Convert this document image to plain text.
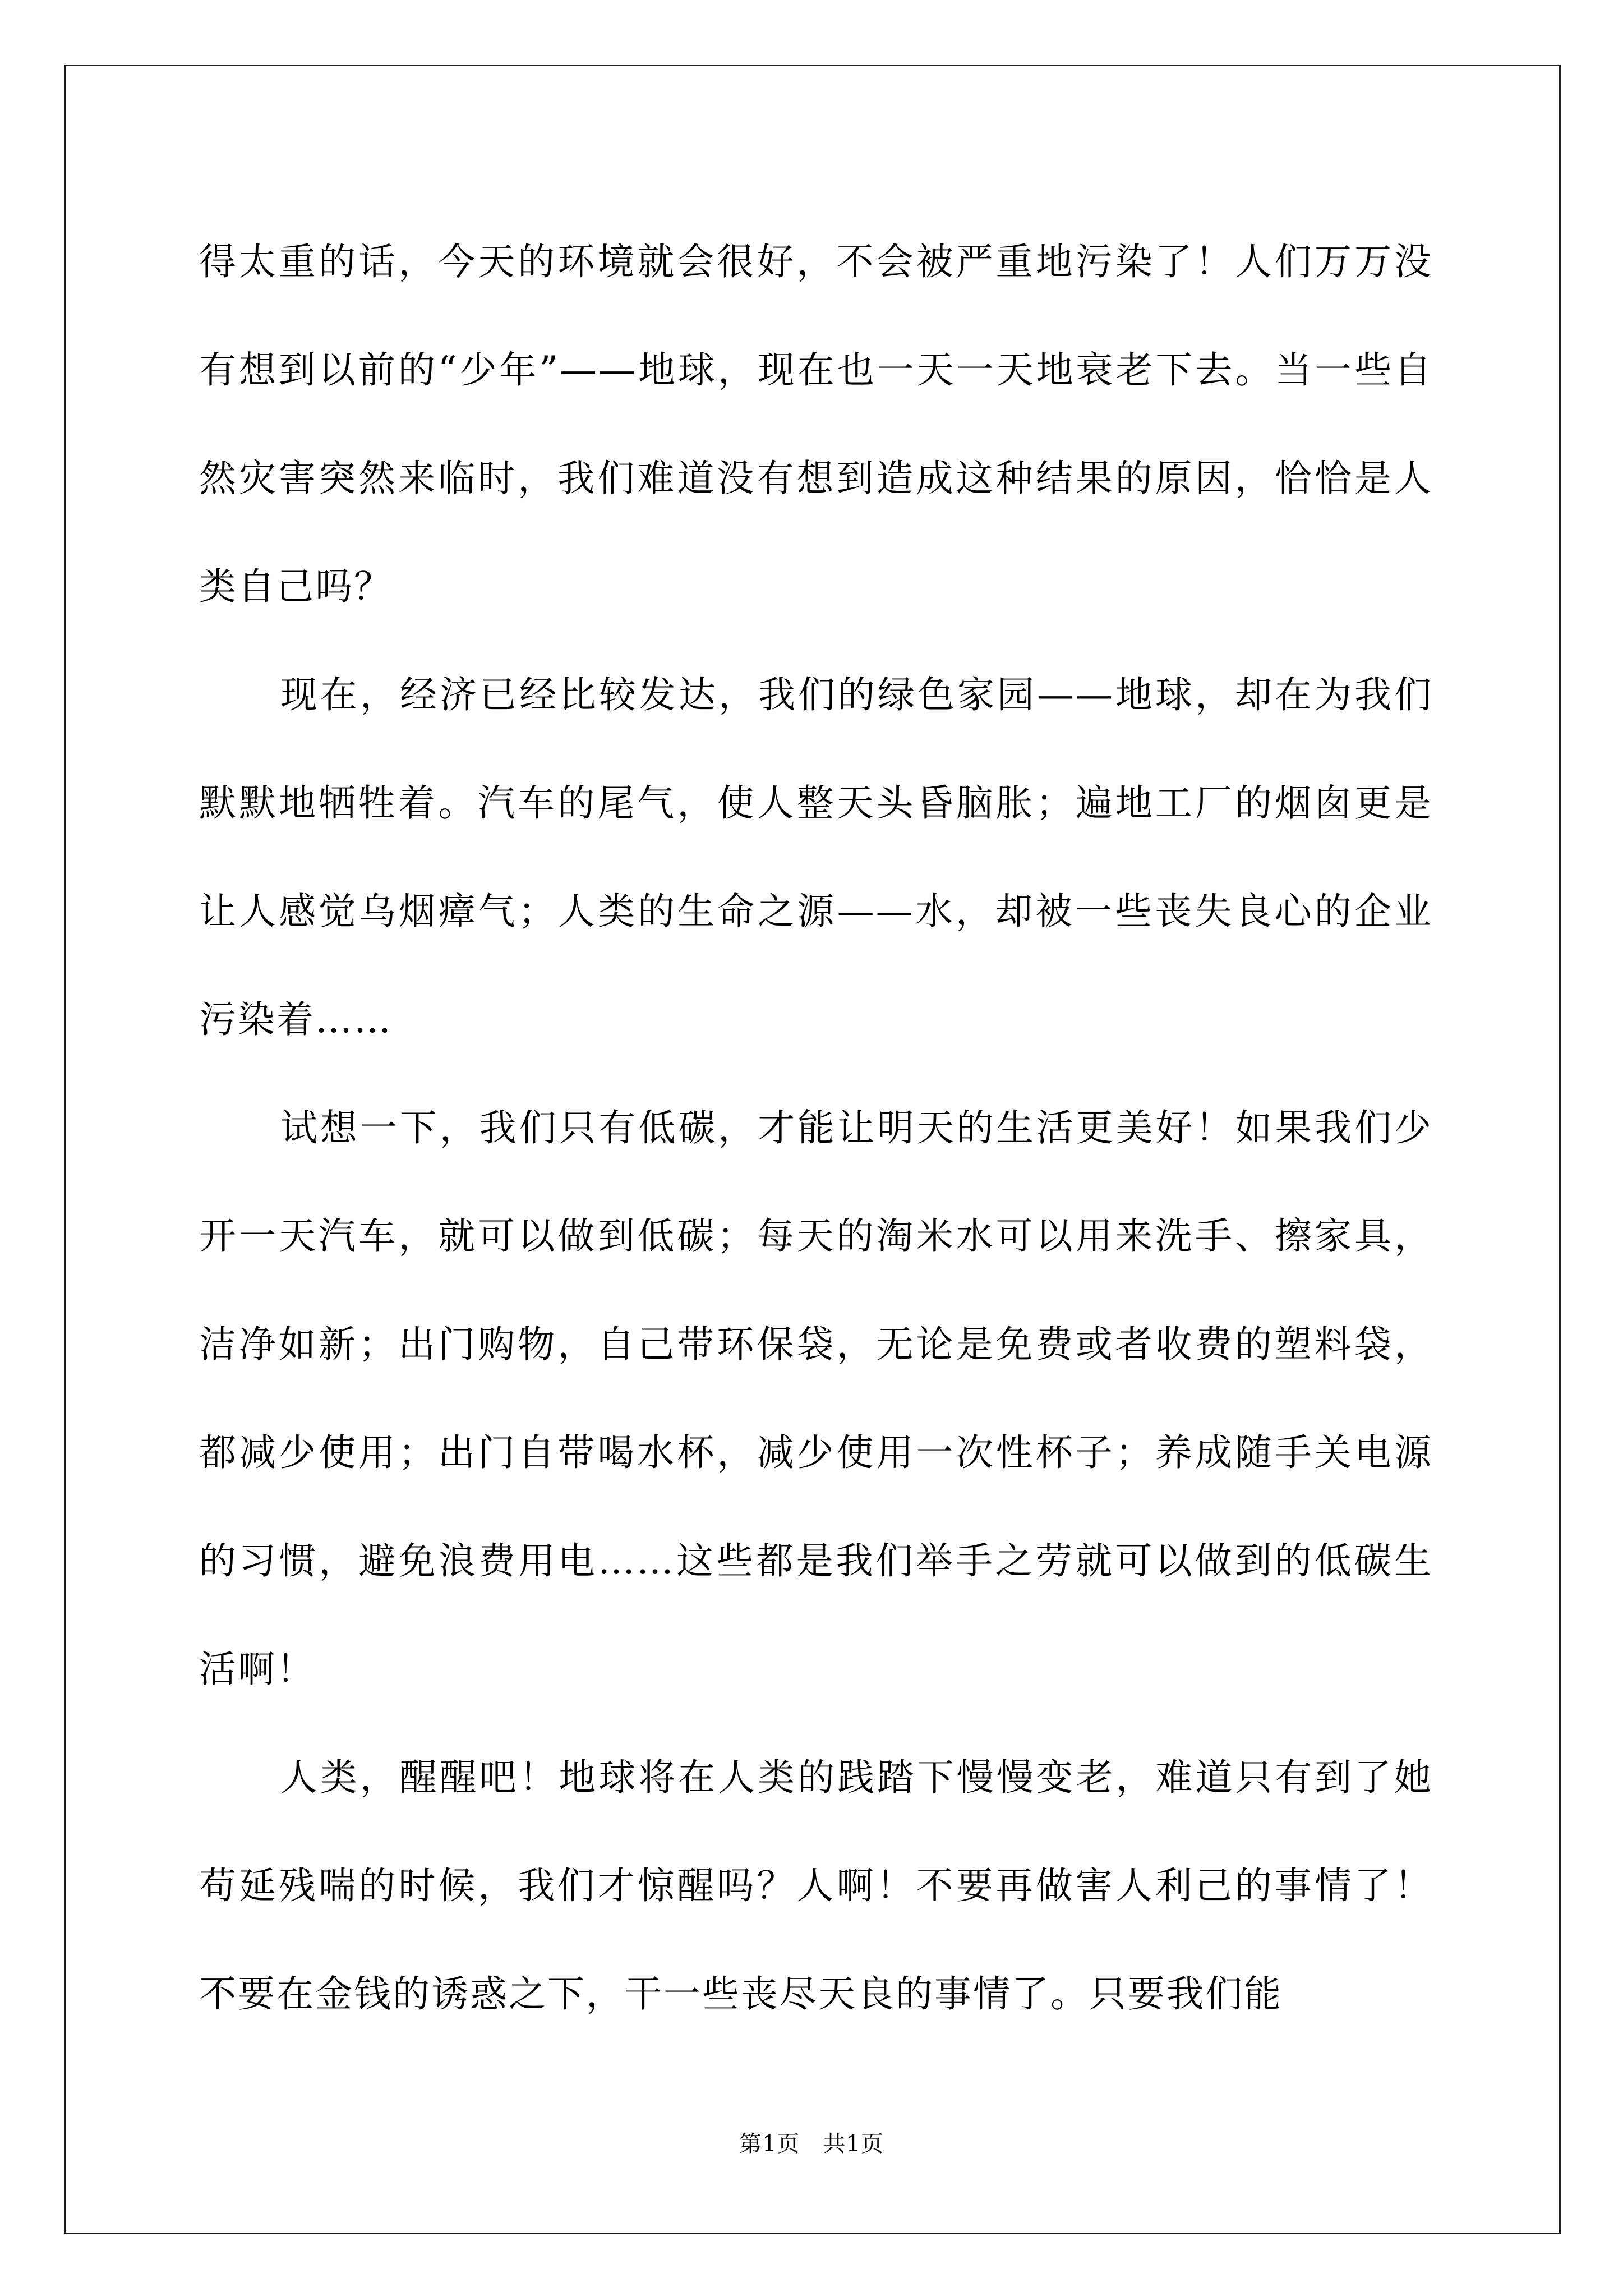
得太重的话，今天的环境就会很好，不会被严重地污染了！人们万万没有想到以前的“少年”——地球，现在也一天一天地衰老下去。当一些自然灾害突然来临时，我们难道没有想到造成这种结果的原因，恰恰是人类自己吗？

现在，经济已经比较发达，我们的绿色家园——地球，却在为我们默默地牺牲着。汽车的尾气，使人整天头昏脑胀；遍地工厂的烟囱更是让人感觉乌烟瘴气；人类的生命之源——水，却被一些丧失良心的企业污染着……

试想一下，我们只有低碳，才能让明天的生活更美好！如果我们少开一天汽车，就可以做到低碳；每天的淘米水可以用来洗手、擦家具，洁净如新；出门购物，自己带环保袋，无论是免费或者收费的塑料袋，都减少使用；出门自带喝水杯，减少使用一次性杯子；养成随手关电源的习惯，避免浪费用电……这些都是我们举手之劳就可以做到的低碳生活啊！

人类，醒醒吧！地球将在人类的践踏下慢慢变老，难道只有到了她苟延残喘的时候，我们才惊醒吗？人啊！不要再做害人利己的事情了！不要在金钱的诱惑之下，干一些丧尽天良的事情了。只要我们能

第1页   共1页
